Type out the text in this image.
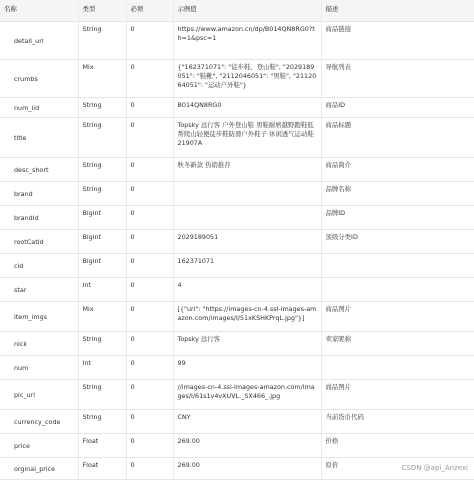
名称	类型	必须	示例值	描述
detail_url	String	0	https://www.amazon.cn/dp/B014QN8RG0?th=1&psc=1	商品链接
crumbs	Mix	0	{"162371071": "徒步鞋、登山鞋", "2029189051": "鞋靴", "2112046051": "男鞋", "2112064051": "运动户外鞋"}	导航列表
num_iid	String	0	B014QN8RG0	商品ID
title	String	0	Topsky 远行客 户外登山鞋 男鞋耐磨越野跑鞋低帮爬山轻便徒步鞋防滑户外鞋子 休闲透气运动鞋 21907A	商品标题
desc_short	String	0	秋冬新款 热销推荐	商品简介
brand	String	0		品牌名称
brandId	Bigint	0		品牌ID
rootCatId	Bigint	0	2029189051	顶级分类ID
cid	Bigint	0	162371071	
star	Int	0	4	
item_imgs	Mix	0	[{"url": "https://images-cn-4.ssl-images-amazon.com/images/I/51xKSHKPrqL.jpg"}]	商品图片
nick	String	0	Topsky 远行客	卖家昵称
num	Int	0	99	
pic_url	String	0	//images-cn-4.ssl-images-amazon.com/images/I/61s1v4vXUVL._SX466_.jpg	商品图片
currency_code	String	0	CNY	当前货币代码
price	Float	0	269.00	价格
orginal_price	Float	0	269.00	原价	CSDN @api_Anzexi
